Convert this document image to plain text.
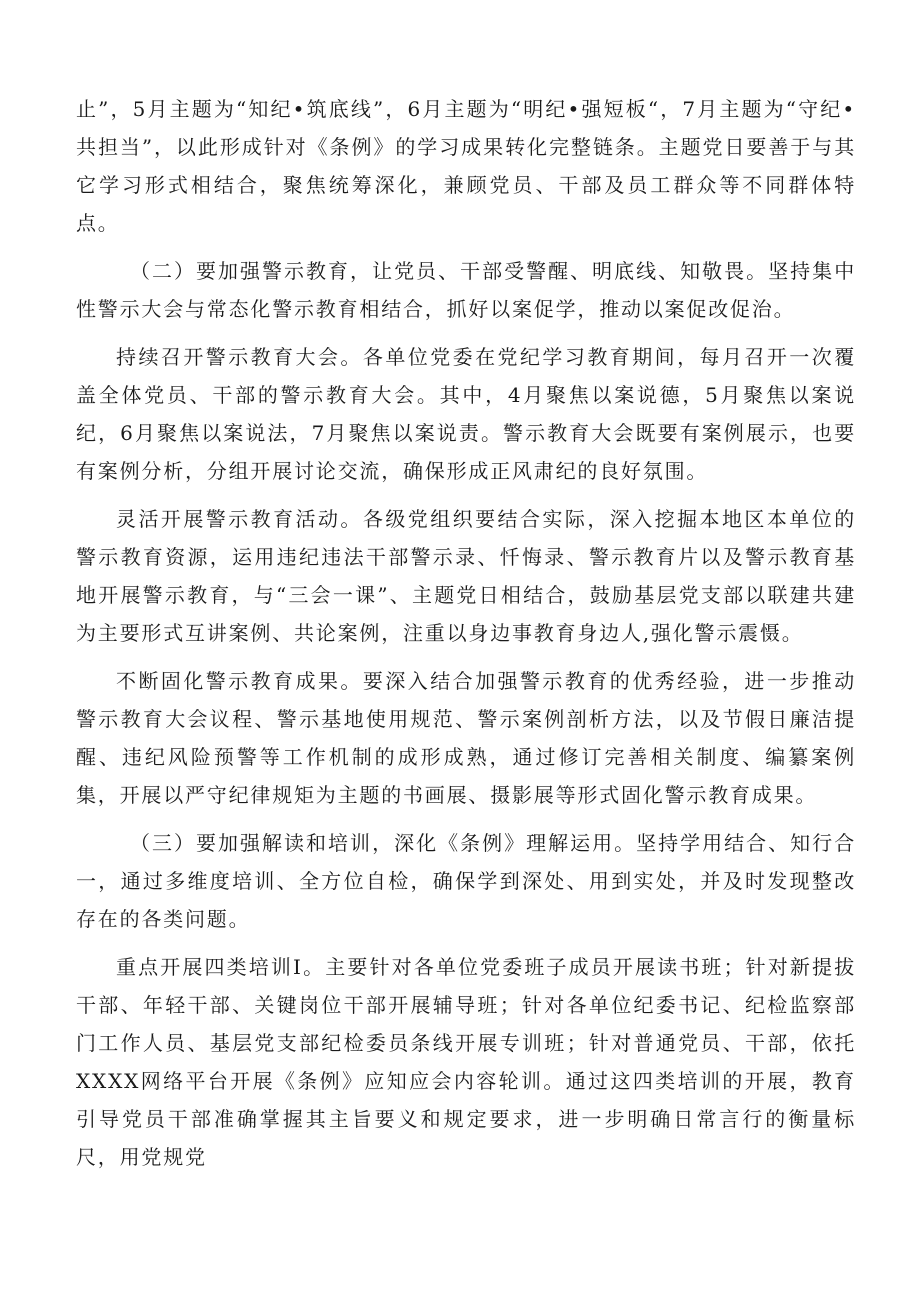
止”，5月主题为“知纪•筑底线”，6月主题为“明纪•强短板“，7月主题为“守纪•共担当”，以此形成针对《条例》的学习成果转化完整链条。主题党日要善于与其它学习形式相结合，聚焦统筹深化，兼顾党员、干部及员工群众等不同群体特点。

（二）要加强警示教育，让党员、干部受警醒、明底线、知敬畏。坚持集中性警示大会与常态化警示教育相结合，抓好以案促学，推动以案促改促治。

持续召开警示教育大会。各单位党委在党纪学习教育期间，每月召开一次覆盖全体党员、干部的警示教育大会。其中，4月聚焦以案说德，5月聚焦以案说纪，6月聚焦以案说法，7月聚焦以案说责。警示教育大会既要有案例展示，也要有案例分析，分组开展讨论交流，确保形成正风肃纪的良好氛围。

灵活开展警示教育活动。各级党组织要结合实际，深入挖掘本地区本单位的警示教育资源，运用违纪违法干部警示录、忏悔录、警示教育片以及警示教育基地开展警示教育，与“三会一课”、主题党日相结合，鼓励基层党支部以联建共建为主要形式互讲案例、共论案例，注重以身边事教育身边人,强化警示震慑。

不断固化警示教育成果。要深入结合加强警示教育的优秀经验，进一步推动警示教育大会议程、警示基地使用规范、警示案例剖析方法，以及节假日廉洁提醒、违纪风险预警等工作机制的成形成熟，通过修订完善相关制度、编纂案例集，开展以严守纪律规矩为主题的书画展、摄影展等形式固化警示教育成果。

（三）要加强解读和培训，深化《条例》理解运用。坚持学用结合、知行合一，通过多维度培训、全方位自检，确保学到深处、用到实处，并及时发现整改存在的各类问题。

重点开展四类培训I。主要针对各单位党委班子成员开展读书班；针对新提拔干部、年轻干部、关键岗位干部开展辅导班；针对各单位纪委书记、纪检监察部门工作人员、基层党支部纪检委员条线开展专训班；针对普通党员、干部，依托XXXX网络平台开展《条例》应知应会内容轮训。通过这四类培训的开展，教育引导党员干部准确掌握其主旨要义和规定要求，进一步明确日常言行的衡量标尺，用党规党
